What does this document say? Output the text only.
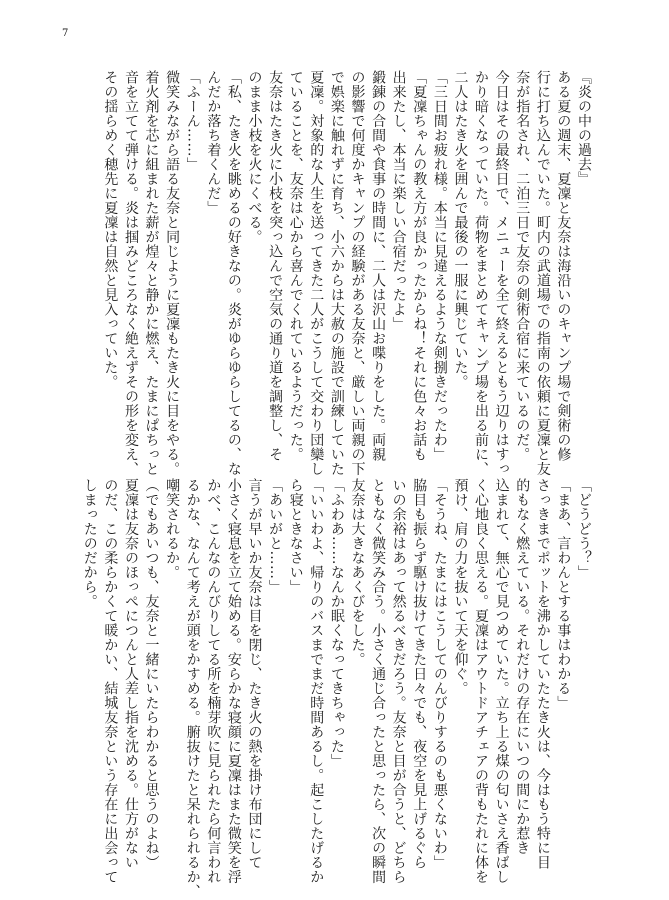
7
『炎の中の過去』
ある夏の週末、夏凜と友奈は海沿いのキャンプ場で剣術の修
行に打ち込んでいた。町内の武道場での指南の依頼に夏凜と友
奈が指名され、二泊三日で友奈の剣術合宿に来ているのだ。
今日はその最終日で、メニューを全て終えるともう辺りはすっ
かり暗くなっていた。荷物をまとめてキャンプ場を出る前に、
二人はたき火を囲んで最後の一服に興じていた。
「三日間お疲れ様。本当に見違えるような剣捌きだったわ」
「夏凜ちゃんの教え方が良かったからね！それに色々お話も
出来たし、本当に楽しい合宿だったよ」
鍛錬の合間や食事の時間に、二人は沢山お喋りをした。両親
の影響で何度かキャンプの経験がある友奈と、厳しい両親の下
で娯楽に触れずに育ち、小六からは大赦の施設で訓練していた
夏凜。対象的な人生を送ってきた二人がこうして交わり団欒し
ていることを、友奈は心から喜んでくれているようだった。
友奈はたき火に小枝を突っ込んで空気の通り道を調整し、そ
のまま小枝を火にくべる。
「私、たき火を眺めるの好きなの。炎がゆらゆらしてるの、な
んだか落ち着くんだ」
「ふーん……」
微笑みながら語る友奈と同じように夏凜もたき火に目をやる。
着火剤を芯に組まれた薪が煌々と静かに燃え、たまにぱちっと
音を立てて弾ける。炎は掴みどころなく絶えずその形を変え、
その揺らめく穂先に夏凜は自然と見入っていた。
「どうどう？」
「まあ、言わんとする事はわかる」
さっきまでポットを沸かしていたたき火は、今はもう特に目
的もなく燃えている。それだけの存在にいつの間にか惹き
込まれて、無心で見つめていた。立ち上る煤の匂いさえ香ばし
く心地良く思える。夏凜はアウトドアチェアの背もたれに体を
預け、肩の力を抜いて天を仰ぐ。
「そうね、たまにはこうしてのんびりするのも悪くないわ」
脇目も振らず駆け抜けてきた日々でも、夜空を見上げるぐら
いの余裕はあって然るべきだろう。友奈と目が合うと、どちら
ともなく微笑み合う。小さく通じ合ったと思ったら、次の瞬間
友奈は大きなあくびをした。
「ふわあ……なんか眠くなってきちゃった」
「いいわよ、帰りのバスまでまだ時間あるし。起こしたげるか
ら寝ときなさい」
「あいがと……」
言うが早いか友奈は目を閉じ、たき火の熱を掛け布団にして
小さく寝息を立て始める。安らかな寝顔に夏凜はまた微笑を浮
かべ、こんなのんびりしてる所を楠芽吹に見られたら何言われ
るかな、なんて考えが頭をかすめる。腑抜けたと呆れられるか、
嘲笑されるか。
（でもあいつも、友奈と一緒にいたらわかると思うのよね）
夏凜は友奈のほっぺにつんと人差し指を沈める。仕方がない
のだ、この柔らかくて暖かい、結城友奈という存在に出会って
しまったのだから。
